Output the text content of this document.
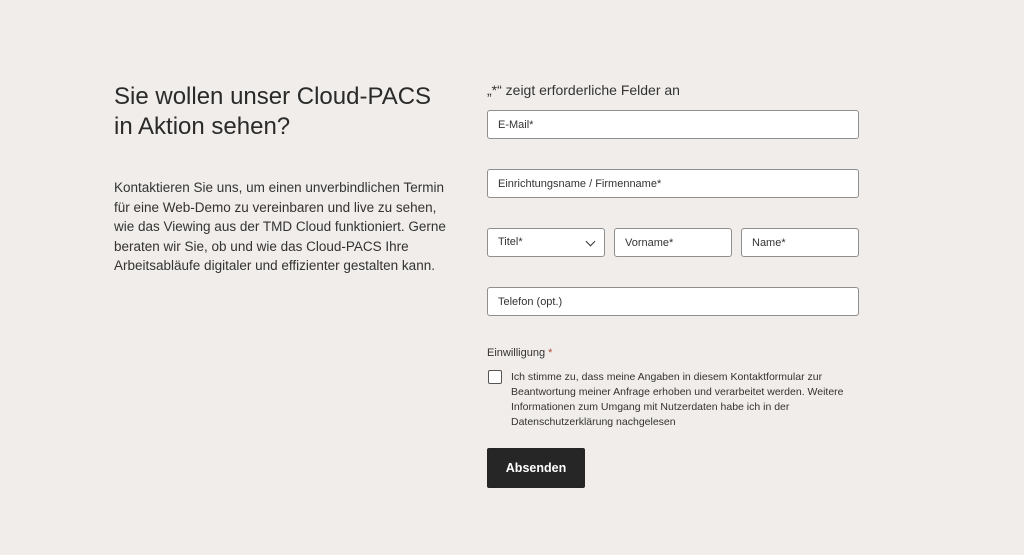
Sie wollen unser Cloud-PACS in Aktion sehen?

Kontaktieren Sie uns, um einen unverbindlichen Termin für eine Web-Demo zu vereinbaren und live zu sehen, wie das Viewing aus der TMD Cloud funktioniert. Gerne beraten wir Sie, ob und wie das Cloud-PACS Ihre Arbeitsabläufe digitaler und effizienter gestalten kann.

„*“ zeigt erforderliche Felder an

E-Mail*
Einrichtungsname / Firmenname*
Titel*
Vorname*
Name*
Telefon (opt.)
Einwilligung *
Ich stimme zu, dass meine Angaben in diesem Kontaktformular zur Beantwortung meiner Anfrage erhoben und verarbeitet werden. Weitere Informationen zum Umgang mit Nutzerdaten habe ich in der Datenschutzerklärung nachgelesen
Absenden
